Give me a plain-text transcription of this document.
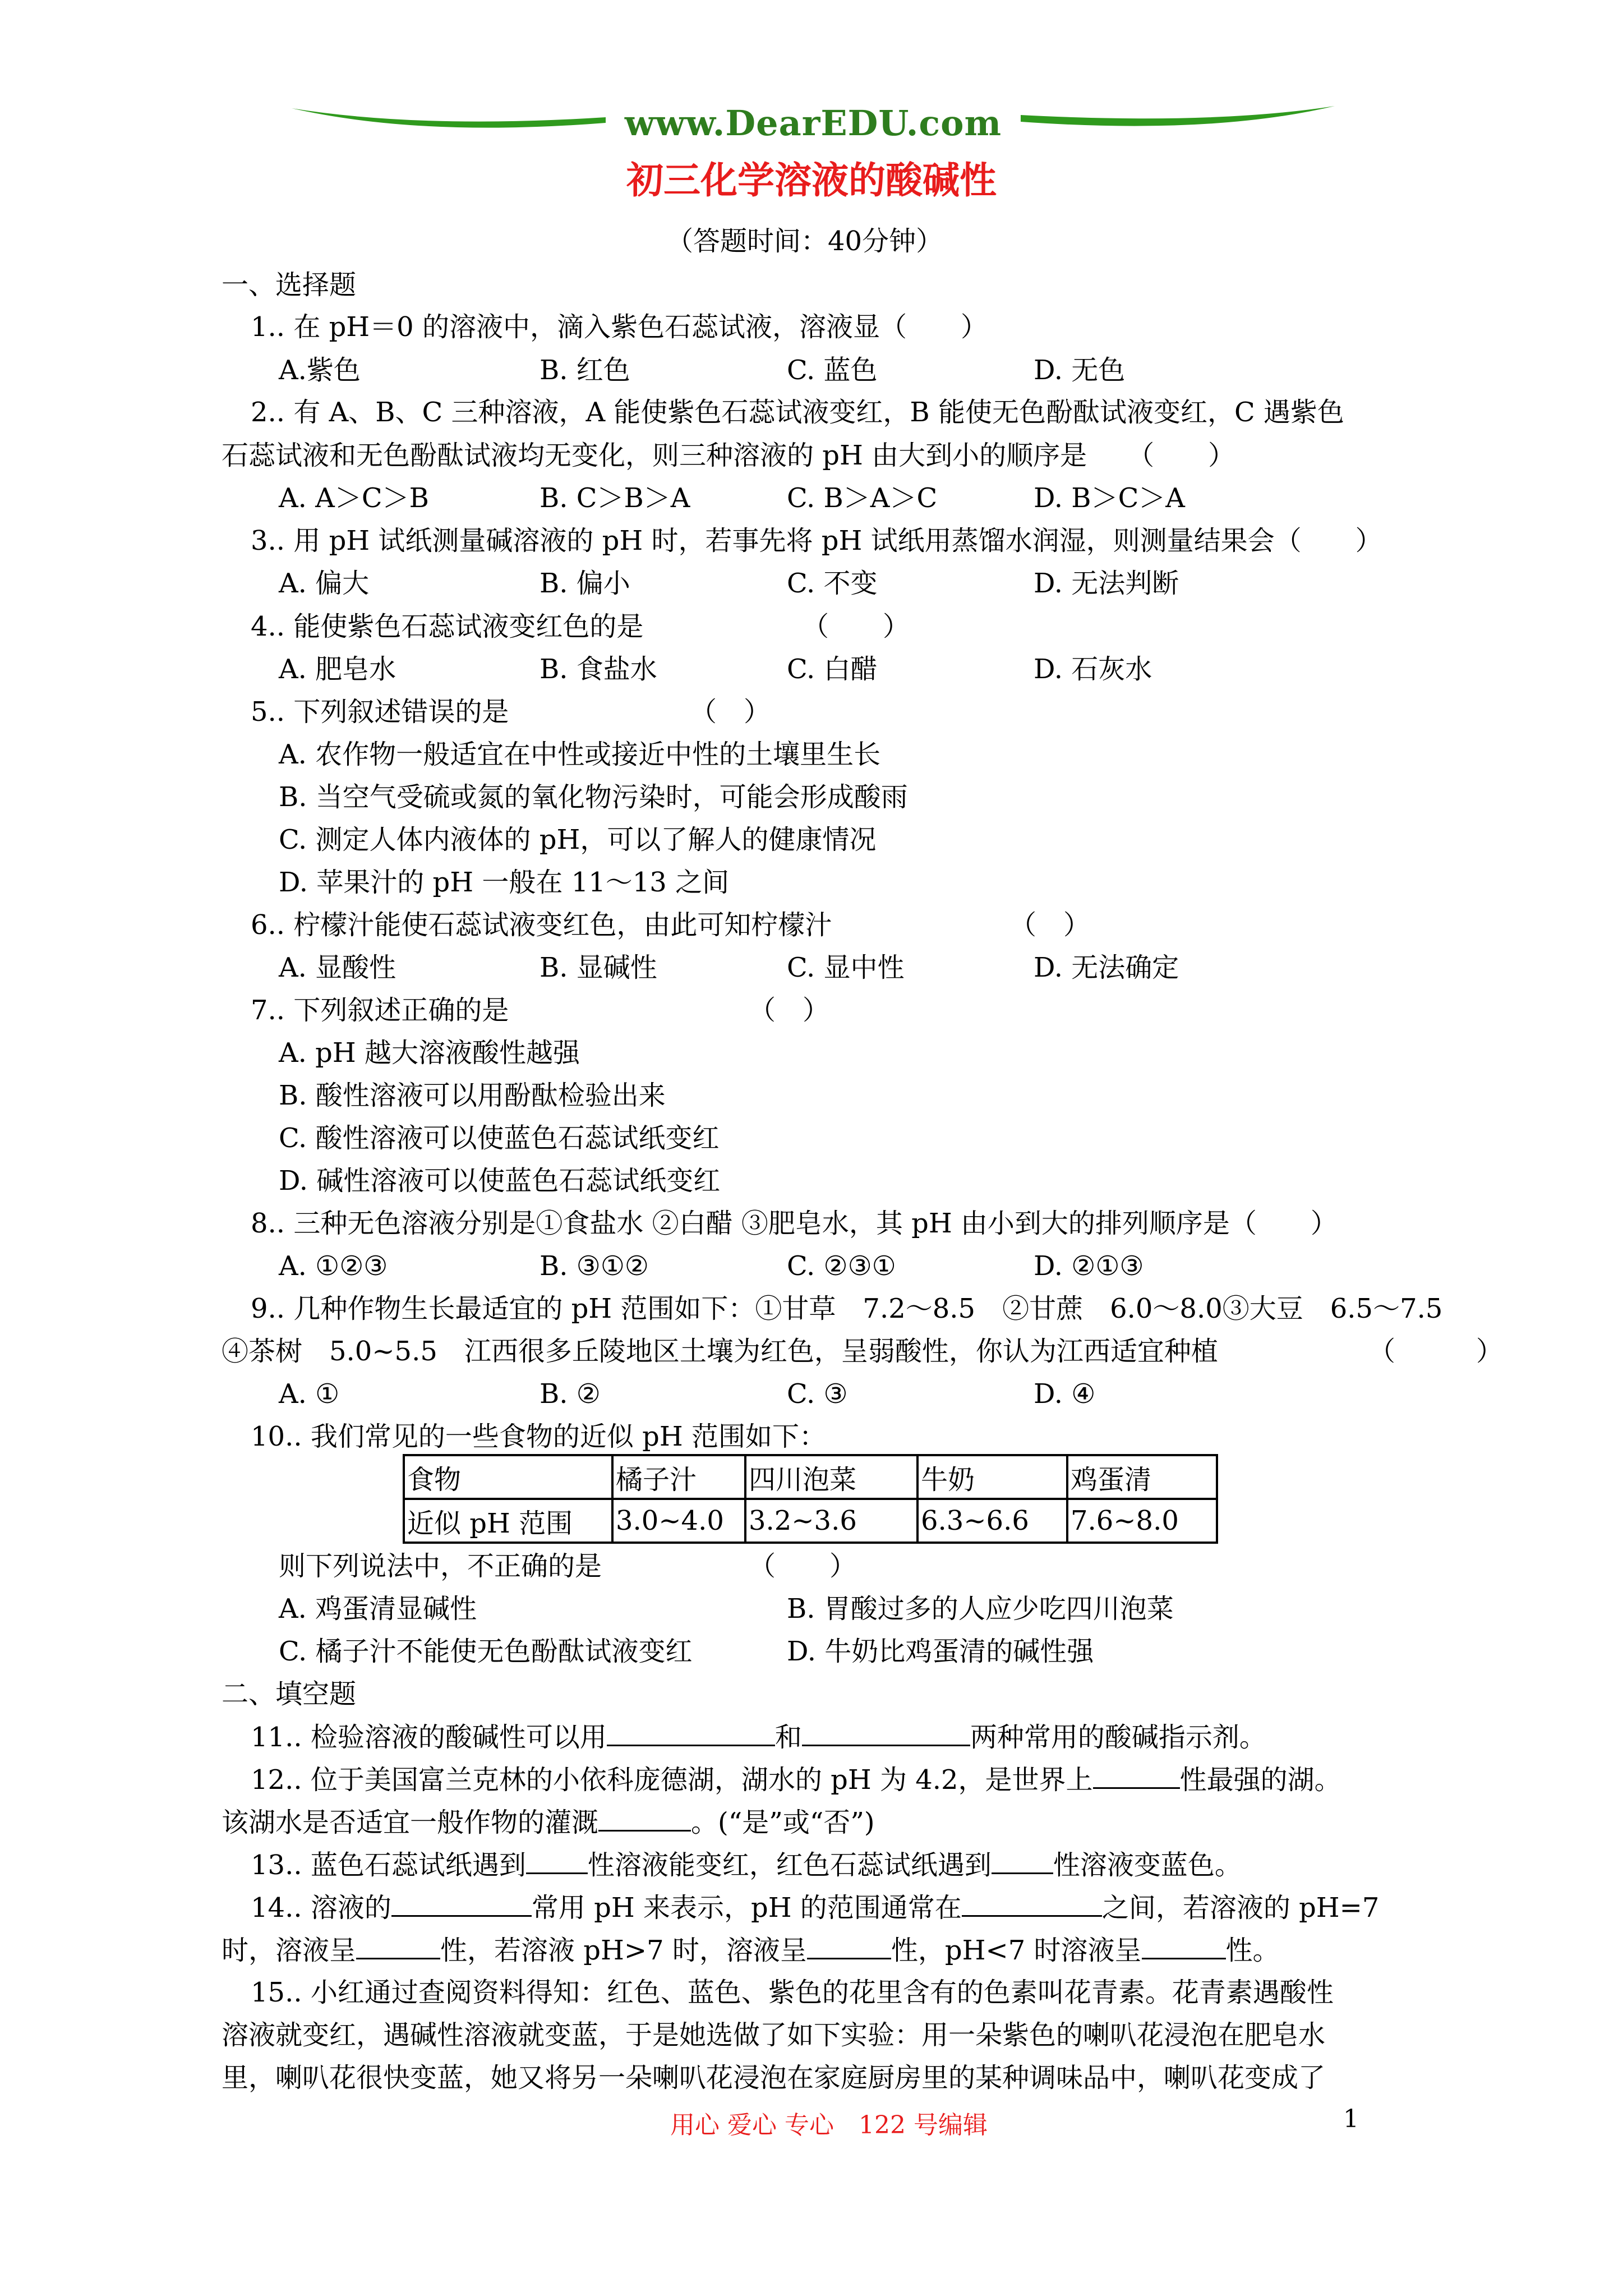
www.DearEDU.com
初三化学溶液的酸碱性
（答题时间：40分钟）
一、选择题
1.. 在 pH＝0 的溶液中，滴入紫色石蕊试液，溶液显（　　）
A.紫色	B. 红色	C. 蓝色	D. 无色
2.. 有 A、B、C 三种溶液，A 能使紫色石蕊试液变红，B 能使无色酚酞试液变红，C 遇紫色
石蕊试液和无色酚酞试液均无变化，则三种溶液的 pH 由大到小的顺序是　　（　　）
A. A＞C＞B	B. C＞B＞A	C. B＞A＞C	D. B＞C＞A
3.. 用 pH 试纸测量碱溶液的 pH 时，若事先将 pH 试纸用蒸馏水润湿，则测量结果会（　　）
A. 偏大	B. 偏小	C. 不变	D. 无法判断
4.. 能使紫色石蕊试液变红色的是	（　　）
A. 肥皂水	B. 食盐水	C. 白醋	D. 石灰水
5.. 下列叙述错误的是	（　）
A. 农作物一般适宜在中性或接近中性的土壤里生长
B. 当空气受硫或氮的氧化物污染时，可能会形成酸雨
C. 测定人体内液体的 pH，可以了解人的健康情况
D. 苹果汁的 pH 一般在 11～13 之间
6.. 柠檬汁能使石蕊试液变红色，由此可知柠檬汁	（　）
A. 显酸性	B. 显碱性	C. 显中性	D. 无法确定
7.. 下列叙述正确的是	（　）
A. pH 越大溶液酸性越强
B. 酸性溶液可以用酚酞检验出来
C. 酸性溶液可以使蓝色石蕊试纸变红
D. 碱性溶液可以使蓝色石蕊试纸变红
8.. 三种无色溶液分别是①食盐水 ②白醋 ③肥皂水，其 pH 由小到大的排列顺序是（　　）
A. ①②③	B. ③①②	C. ②③①	D. ②①③
9.. 几种作物生长最适宜的 pH 范围如下：①甘草　7.2～8.5　②甘蔗　6.0～8.0③大豆　6.5～7.5
④茶树　5.0~5.5　江西很多丘陵地区土壤为红色，呈弱酸性，你认为江西适宜种植	（　　　）
A. ①	B. ②	C. ③	D. ④
10.. 我们常见的一些食物的近似 pH 范围如下：
食物	橘子汁	四川泡菜	牛奶	鸡蛋清
近似 pH 范围	3.0~4.0	3.2~3.6	6.3~6.6	7.6~8.0
则下列说法中，不正确的是	（　　）
A. 鸡蛋清显碱性	B. 胃酸过多的人应少吃四川泡菜
C. 橘子汁不能使无色酚酞试液变红	D. 牛奶比鸡蛋清的碱性强
二、填空题
11.. 检验溶液的酸碱性可以用	和	两种常用的酸碱指示剂。
12.. 位于美国富兰克林的小依科庞德湖，湖水的 pH 为 4.2，是世界上	性最强的湖。
该湖水是否适宜一般作物的灌溉	。(“是”或“否”)
13.. 蓝色石蕊试纸遇到 性溶液能变红，红色石蕊试纸遇到 性溶液变蓝色。
14.. 溶液的	常用 pH 来表示，pH 的范围通常在	之间，若溶液的 pH=7
时，溶液呈	性，若溶液 pH>7 时，溶液呈	性，pH<7 时溶液呈	性。
15.. 小红通过查阅资料得知：红色、蓝色、紫色的花里含有的色素叫花青素。花青素遇酸性
溶液就变红，遇碱性溶液就变蓝，于是她选做了如下实验：用一朵紫色的喇叭花浸泡在肥皂水
里，喇叭花很快变蓝，她又将另一朵喇叭花浸泡在家庭厨房里的某种调味品中，喇叭花变成了
用心 爱心 专心　122 号编辑	1
